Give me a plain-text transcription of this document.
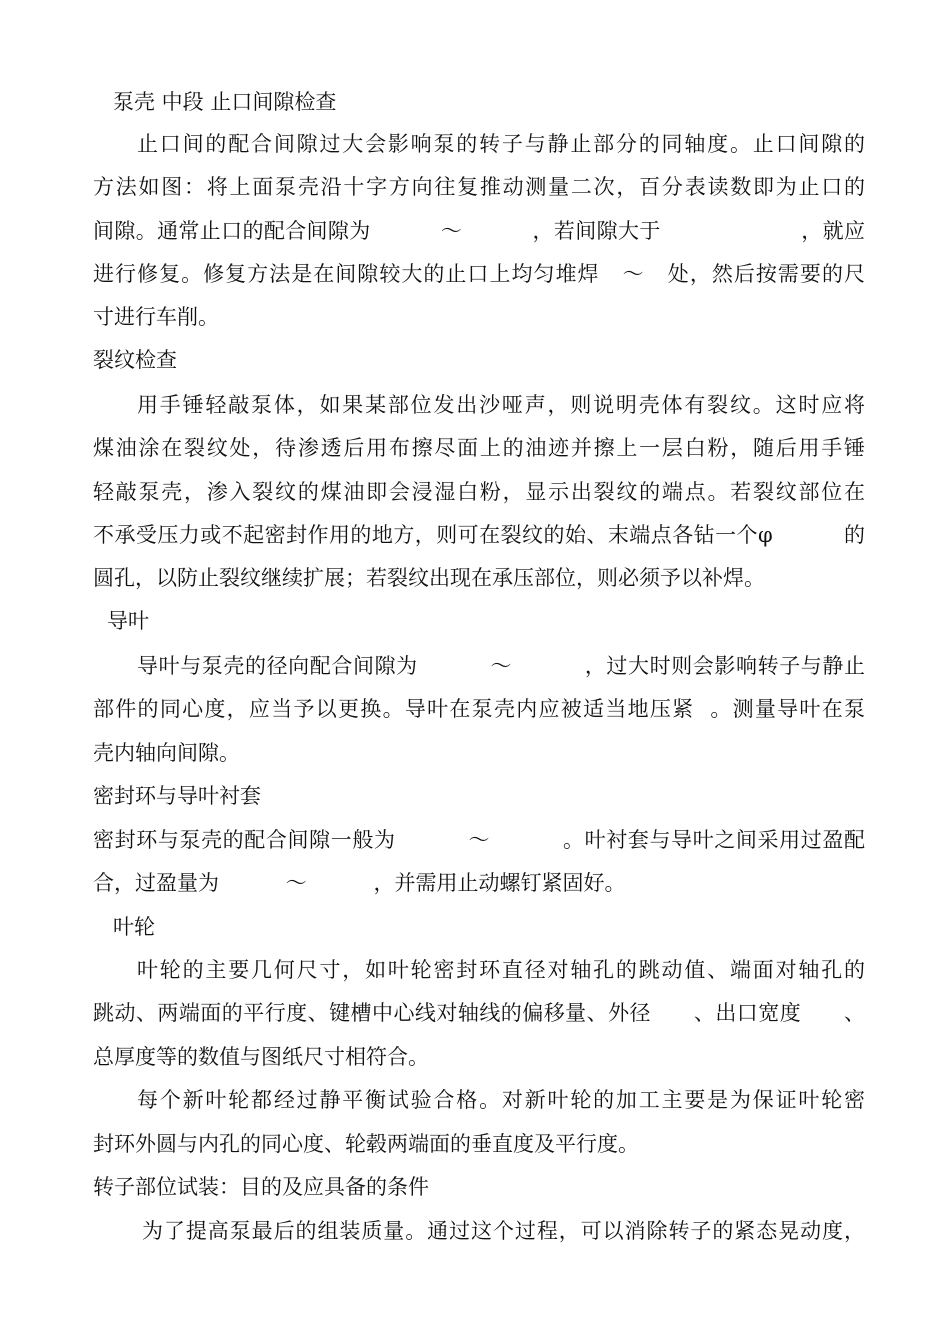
泵壳 中段 止口间隙检查
止口间的配合间隙过大会影响泵的转子与静止部分的同轴度。止口间隙的
方法如图：将上面泵壳沿十字方向往复推动测量二次，百分表读数即为止口的
间隙。通常止口的配合间隙为          ～          ，若间隙大于                    ，就应
进行修复。修复方法是在间隙较大的止口上均匀堆焊   ～   处，然后按需要的尺
寸进行车削。
裂纹检查
用手锤轻敲泵体，如果某部位发出沙哑声，则说明壳体有裂纹。这时应将
煤油涂在裂纹处，待渗透后用布擦尽面上的油迹并擦上一层白粉，随后用手锤
轻敲泵壳，渗入裂纹的煤油即会浸湿白粉，显示出裂纹的端点。若裂纹部位在
不承受压力或不起密封作用的地方，则可在裂纹的始、末端点各钻一个φ          的
圆孔，以防止裂纹继续扩展；若裂纹出现在承压部位，则必须予以补焊。
导叶
导叶与泵壳的径向配合间隙为          ～          ，过大时则会影响转子与静止
部件的同心度，应当予以更换。导叶在泵壳内应被适当地压紧  。测量导叶在泵
壳内轴向间隙。
密封环与导叶衬套
密封环与泵壳的配合间隙一般为          ～          。叶衬套与导叶之间采用过盈配
合，过盈量为          ～          ，并需用止动螺钉紧固好。
叶轮
叶轮的主要几何尺寸，如叶轮密封环直径对轴孔的跳动值、端面对轴孔的
跳动、两端面的平行度、键槽中心线对轴线的偏移量、外径      、出口宽度      、
总厚度等的数值与图纸尺寸相符合。
每个新叶轮都经过静平衡试验合格。对新叶轮的加工主要是为保证叶轮密
封环外圆与内孔的同心度、轮毂两端面的垂直度及平行度。
转子部位试装：目的及应具备的条件
为了提高泵最后的组装质量。通过这个过程，可以消除转子的紧态晃动度，
